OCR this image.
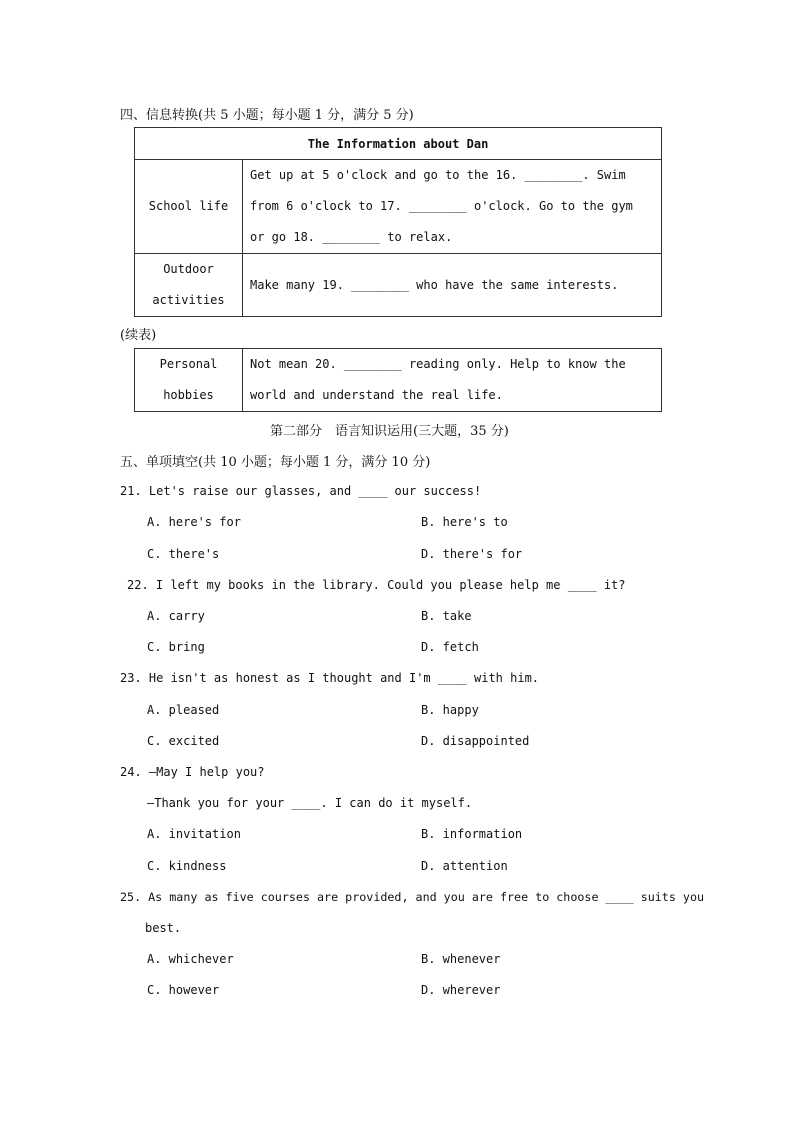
四、信息转换(共 5 小题；每小题 1 分，满分 5 分)
The Information about Dan	
School life	Get up at 5 o'clock and go to the 16. ________. Swim from 6 o'clock to 17. ________ o'clock. Go to the gym or go 18. ________ to relax.
Outdoor activities	Make many 19. ________ who have the same interests.
(续表)
Personal hobbies	Not mean 20. ________ reading only. Help to know the world and understand the real life.
第二部分　语言知识运用(三大题，35 分)
五、单项填空(共 10 小题；每小题 1 分，满分 10 分)
21. Let's raise our glasses, and ____ our success!
A. here's for	B. here's to
C. there's	D. there's for
22. I left my books in the library. Could you please help me ____ it?
A. carry	B. take
C. bring	D. fetch
23. He isn't as honest as I thought and I'm ____ with him.
A. pleased	B. happy
C. excited	D. disappointed
24. —May I help you?
—Thank you for your ____. I can do it myself.
A. invitation	B. information
C. kindness	D. attention
25. As many as five courses are provided, and you are free to choose ____ suits you
best.
A. whichever	B. whenever
C. however	D. wherever
